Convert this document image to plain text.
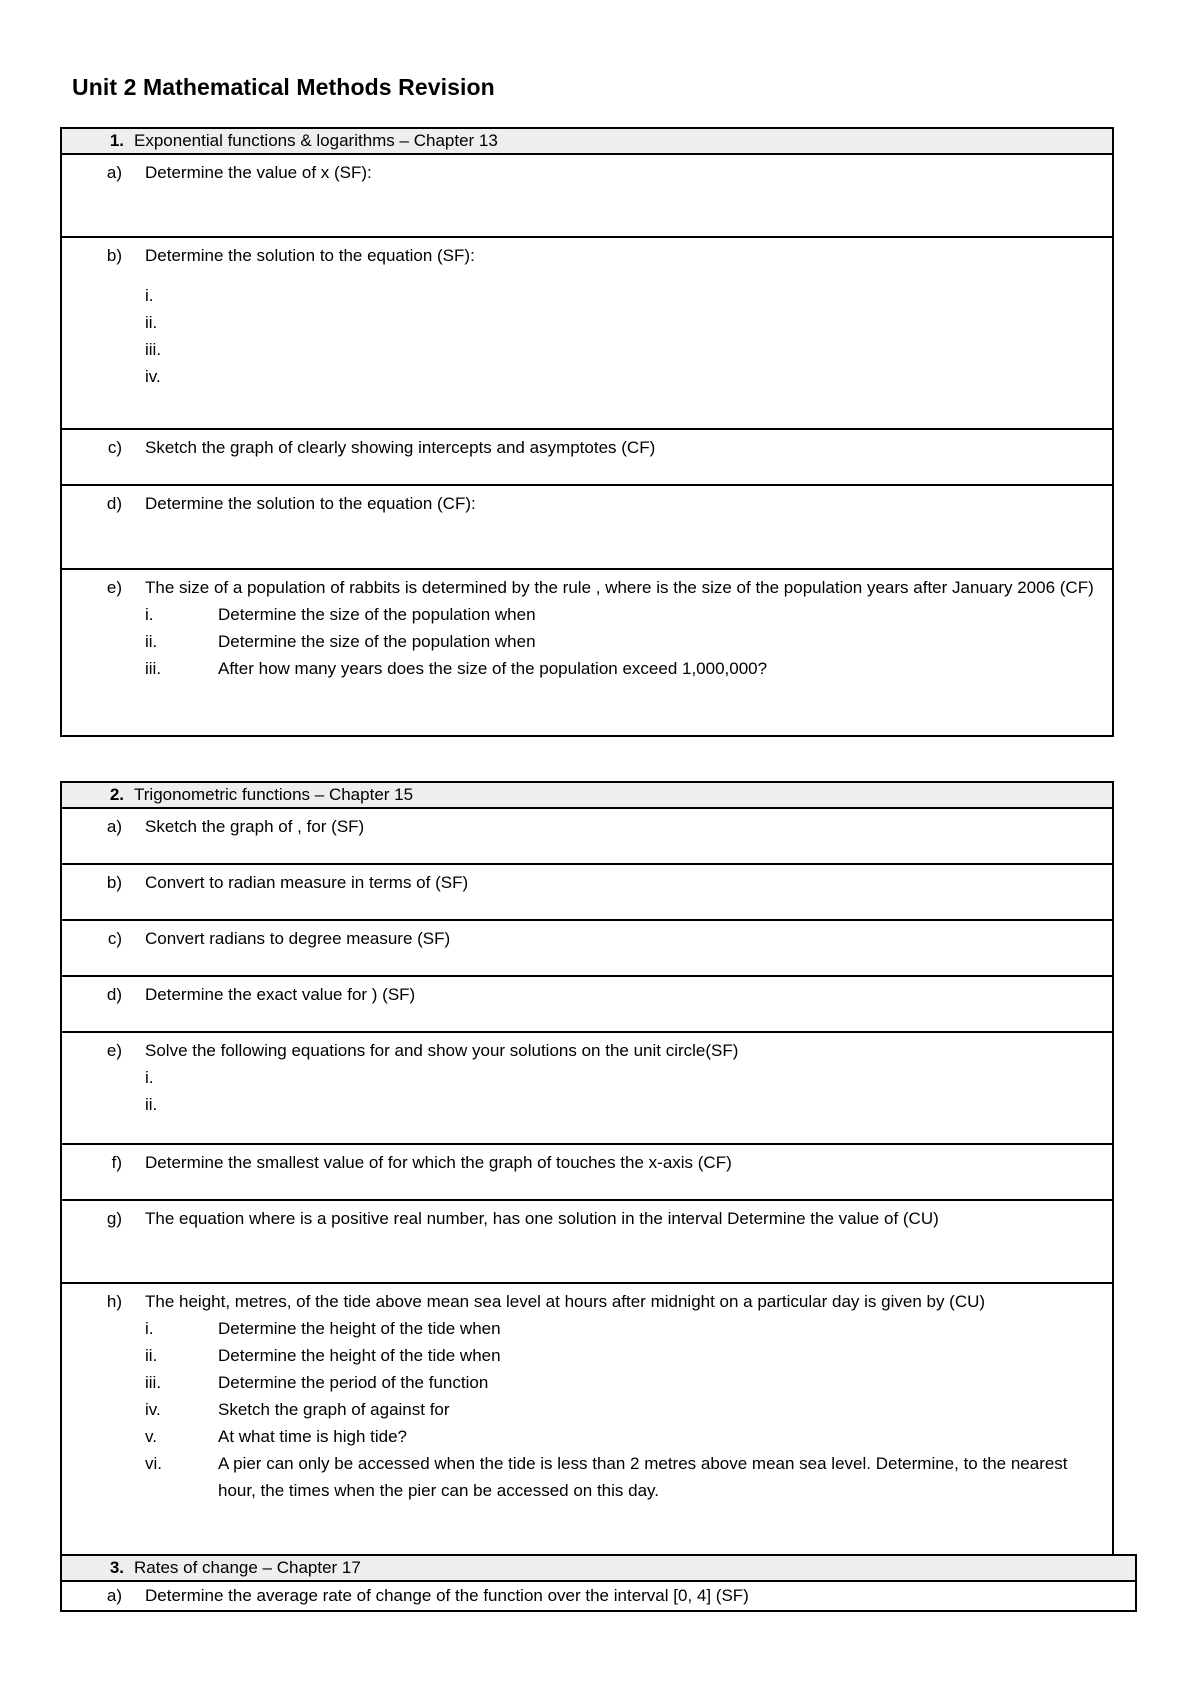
Unit 2 Mathematical Methods Revision
1. Exponential functions & logarithms – Chapter 13
a)	Determine the value of x (SF):
b)	Determine the solution to the equation (SF):
i.
ii.
iii.
iv.
c)	Sketch the graph of clearly showing intercepts and asymptotes (CF)
d)	Determine the solution to the equation (CF):
e)	The size of a population of rabbits is determined by the rule , where is the size of the population years after January 2006 (CF)
i.	Determine the size of the population when
ii.	Determine the size of the population when
iii.	After how many years does the size of the population exceed 1,000,000?
2. Trigonometric functions – Chapter 15
a)	Sketch the graph of , for (SF)
b)	Convert to radian measure in terms of (SF)
c)	Convert radians to degree measure (SF)
d)	Determine the exact value for ) (SF)
e)	Solve the following equations for and show your solutions on the unit circle(SF)
i.
ii.
f)	Determine the smallest value of for which the graph of touches the x-axis (CF)
g)	The equation where is a positive real number, has one solution in the interval Determine the value of (CU)
h)	The height, metres, of the tide above mean sea level at hours after midnight on a particular day is given by (CU)
i.	Determine the height of the tide when
ii.	Determine the height of the tide when
iii.	Determine the period of the function
iv.	Sketch the graph of against for
v.	At what time is high tide?
vi.	A pier can only be accessed when the tide is less than 2 metres above mean sea level. Determine, to the nearest hour, the times when the pier can be accessed on this day.
3. Rates of change – Chapter 17
a)	Determine the average rate of change of the function over the interval [0, 4] (SF)
